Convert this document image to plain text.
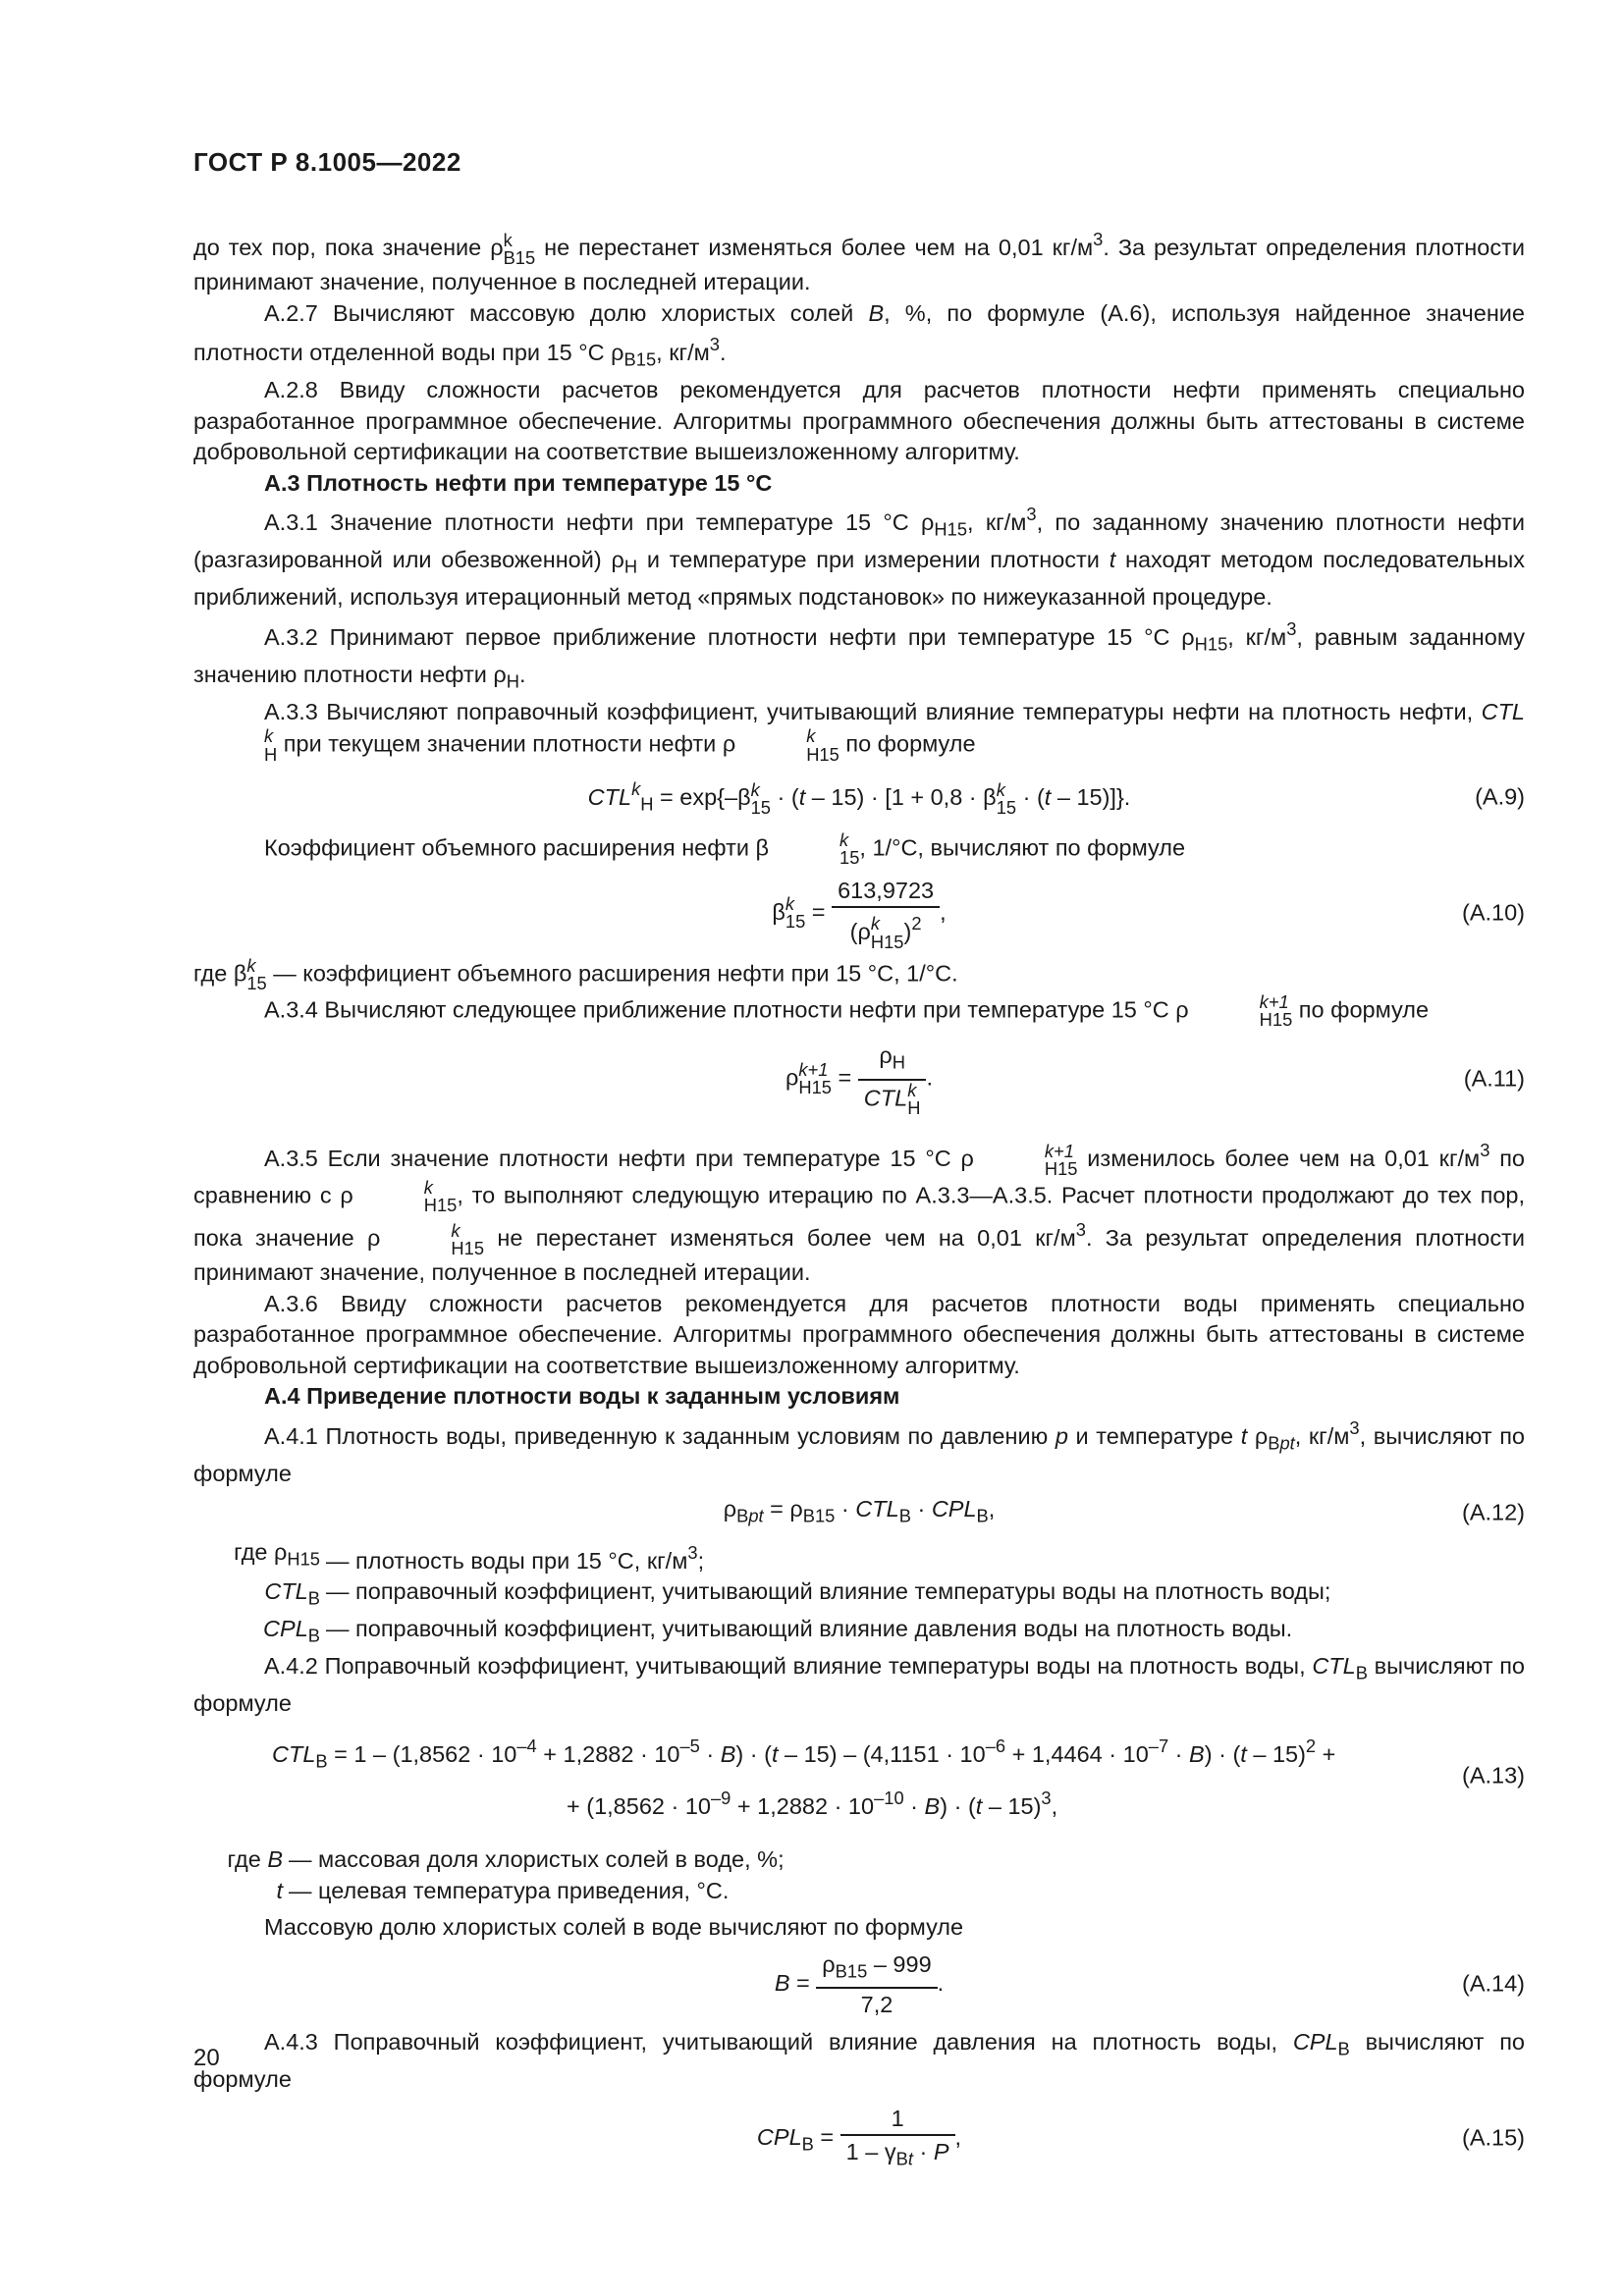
ГОСТ Р 8.1005—2022

до тех пор, пока значение ρ k
В15 не перестанет изменяться более чем на 0,01 $кг/м^3$. За результат определения плотности принимают значение, полученное в последней итерации.

А.2.7 Вычисляют массовую долю хлористых солей B, %, по формуле (А.6), используя найденное значение плотности отделенной воды при 15 °С $\rho_{В15}$, $кг/м^3$.

А.2.8 Ввиду сложности расчетов рекомендуется для расчетов плотности нефти применять специально разработанное программное обеспечение. Алгоритмы программного обеспечения должны быть аттестованы в системе добровольной сертификации на соответствие вышеизложенному алгоритму.

А.3 Плотность нефти при температуре 15 °С

А.3.1 Значение плотности нефти при температуре 15 °С $\rho_{Н15}$, $кг/м^3$, по заданному значению плотности нефти (разгазированной или обезвоженной) $\rho_Н$ и температуре при измерении плотности t находят методом последовательных приближений, используя итерационный метод «прямых подстановок» по нижеуказанной процедуре.

А.3.2 Принимают первое приближение плотности нефти при температуре 15 °С $\rho_{Н15}$, $кг/м^3$, равным заданному значению плотности нефти $\rho_Н$.

А.3.3 Вычисляют поправочный коэффициент, учитывающий влияние температуры нефти на плотность нефти, CTL
k
Н при текущем значении плотности нефти ρ	k
Н15 по формуле

$CTL^k_Н = \exp\{-\beta$ k
15 · (t – 15) · [1 + 0,8 · β k
15 · (t – 15)]}.	(А.9)

Коэффициент объемного расширения нефти β	k
15 , 1/°С, вычисляют по формуле

β k
15 = 613,9723
(ρ k
Н15 )$^2$ ,	(А.10)

где β k
15 — коэффициент объемного расширения нефти при 15 °С, 1/°С.

А.3.4 Вычисляют следующее приближение плотности нефти при температуре 15 °С ρ	k+1
Н15 по формуле

ρ k+1
$Н15 = \rho_Н$
CTL k
Н .	(А.11)

А.3.5 Если значение плотности нефти при температуре 15 °С ρ	k+1
Н15 изменилось более чем на 0,01 $кг/м^3$ по сравнению с ρ	k
Н15 , то выполняют следующую итерацию по А.3.3—А.3.5. Расчет плотности продолжают до тех пор, пока значение ρ	k
Н15 не перестанет изменяться более чем на 0,01 $кг/м^3$. За результат определения плотности принимают значение, полученное в последней итерации.

А.3.6 Ввиду сложности расчетов рекомендуется для расчетов плотности воды применять специально разработанное программное обеспечение. Алгоритмы программного обеспечения должны быть аттестованы в системе добровольной сертификации на соответствие вышеизложенному алгоритму.

А.4 Приведение плотности воды к заданным условиям

А.4.1 Плотность воды, приведенную к заданным условиям по давлению p и температуре t $\rho_{Вpt}$, $кг/м^3$, вычисляют по формуле

$\rho_{Вpt} = \rho_{В15} \cdot CTL_В \cdot CPL_В$,	(А.12)
где $\rho_{Н15}$ — плотность воды при 15 °С, $кг/м^3$;
$CTL_В$ — поправочный коэффициент, учитывающий влияние температуры воды на плотность воды;
$CPL_В$ — поправочный коэффициент, учитывающий влияние давления воды на плотность воды.

А.4.2 Поправочный коэффициент, учитывающий влияние температуры воды на плотность воды, $CTL_В$ вычисляют по формуле

$CTL_В = 1 - (1,8562 \cdot 10^{-4} + 1,2882 \cdot 10^{-5} \cdot B) \cdot (t - 15) - (4,1151 \cdot 10^{-6} + 1,4464 \cdot 10^{-7} \cdot B) \cdot (t - 15)^2$ +
+ $(1,8562 \cdot 10^{-9} + 1,2882 \cdot 10^{-10} \cdot B) \cdot (t - 15)^3$,
(А.13)
где B — массовая доля хлористых солей в воде, %;
t — целевая температура приведения, °С.

Массовую долю хлористых солей в воде вычисляют по формуле

$B = \frac{\rho_{В15} - 999}{7,2}$ .	(А.14)

А.4.3 Поправочный коэффициент, учитывающий влияние давления на плотность воды, $CPL_В$ вычисляют по формуле

$CPL_В = \frac{1}{1 - \gamma_{Вt} \cdot P}$ ,	(А.15)
20
